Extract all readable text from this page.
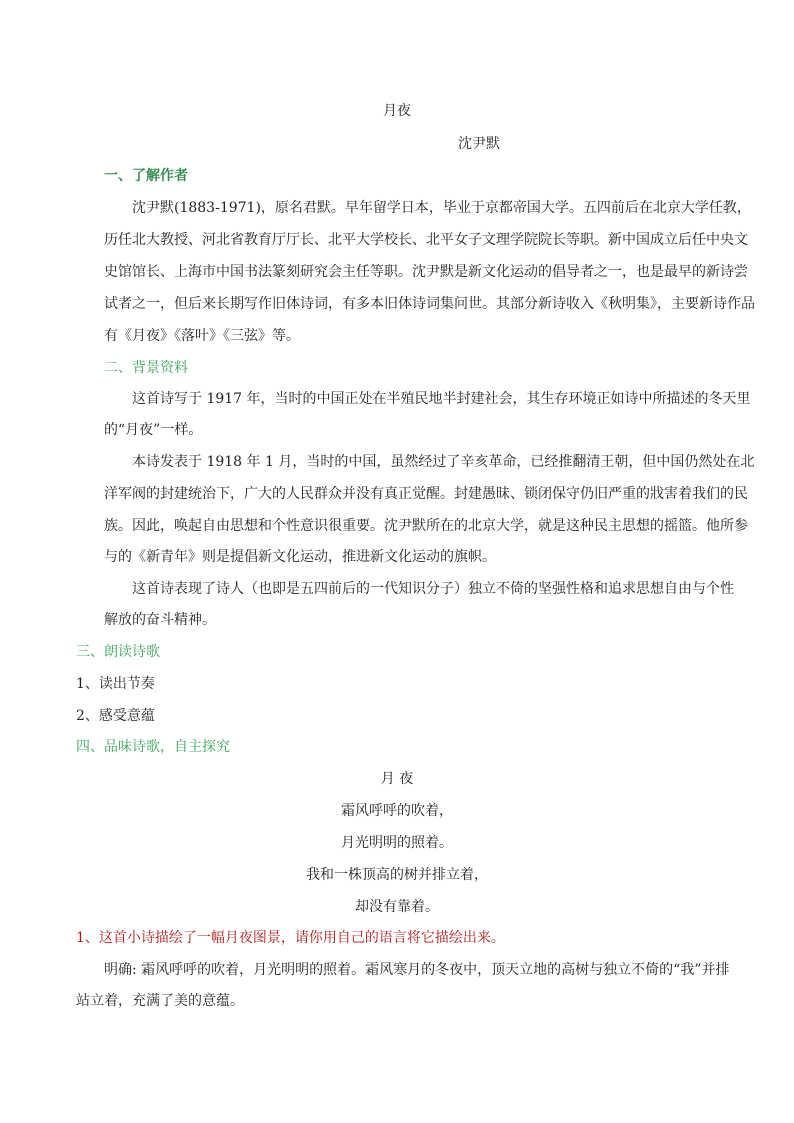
月夜
沈尹默
一、了解作者
沈尹默(1883-1971)，原名君默。早年留学日本，毕业于京都帝国大学。五四前后在北京大学任教，
历任北大教授、河北省教育厅厅长、北平大学校长、北平女子文理学院院长等职。新中国成立后任中央文
史馆馆长、上海市中国书法篆刻研究会主任等职。沈尹默是新文化运动的倡导者之一，也是最早的新诗尝
试者之一，但后来长期写作旧体诗词，有多本旧体诗词集问世。其部分新诗收入《秋明集》，主要新诗作品
有《月夜》《落叶》《三弦》等。
二、背景资料
这首诗写于 1917 年，当时的中国正处在半殖民地半封建社会，其生存环境正如诗中所描述的冬天里
的“月夜”一样。
本诗发表于 1918 年 1 月，当时的中国，虽然经过了辛亥革命，已经推翻清王朝，但中国仍然处在北
洋军阀的封建统治下，广大的人民群众并没有真正觉醒。封建愚昧、锁闭保守仍旧严重的戕害着我们的民
族。因此，唤起自由思想和个性意识很重要。沈尹默所在的北京大学，就是这种民主思想的摇篮。他所参
与的《新青年》则是提倡新文化运动，推进新文化运动的旗帜。
这首诗表现了诗人（也即是五四前后的一代知识分子）独立不倚的坚强性格和追求思想自由与个性
解放的奋斗精神。
三、朗读诗歌
1、读出节奏
2、感受意蕴
四、品味诗歌，自主探究
月 夜
霜风呼呼的吹着，
月光明明的照着。
我和一株顶高的树并排立着，
却没有靠着。
1、这首小诗描绘了一幅月夜图景，请你用自己的语言将它描绘出来。
明确: 霜风呼呼的吹着，月光明明的照着。霜风寒月的冬夜中，顶天立地的高树与独立不倚的“我”并排
站立着，充满了美的意蕴。
